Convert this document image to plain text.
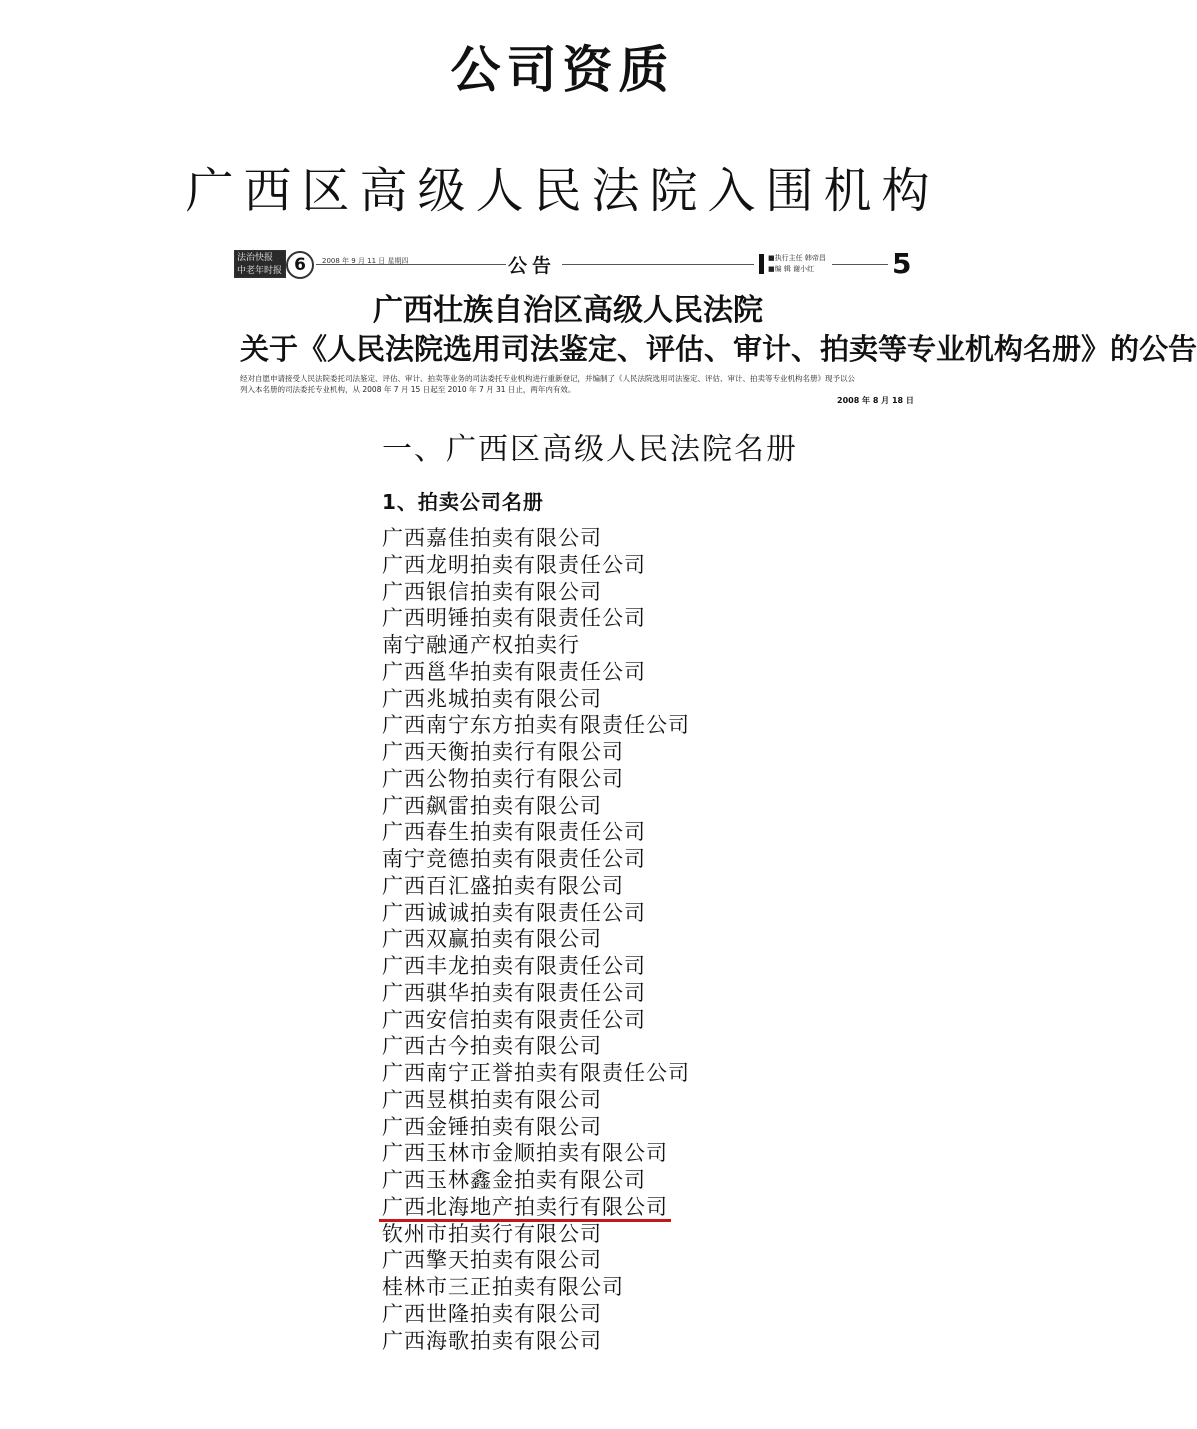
公司资质
广西区高级人民法院入围机构
法治快报
中老年时报 6	2008 年 9 月 11 日 星期四	公告	■执行主任 韩帝昌
■编 辑 谢小红	5
广西壮族自治区高级人民法院
关于《人民法院选用司法鉴定、评估、审计、拍卖等专业机构名册》的公告
经对自愿申请接受人民法院委托司法鉴定、评估、审计、拍卖等业务的司法委托专业机构进行重新登记，并编制了《人民法院选用司法鉴定、评估、审计、拍卖等专业机构名册》现予以公
列入本名册的司法委托专业机构，从 2008 年 7 月 15 日起至 2010 年 7 月 31 日止，两年内有效。
2008 年 8 月 18 日
一、广西区高级人民法院名册
1、拍卖公司名册
广西嘉佳拍卖有限公司
广西龙明拍卖有限责任公司
广西银信拍卖有限公司
广西明锤拍卖有限责任公司
南宁融通产权拍卖行
广西邕华拍卖有限责任公司
广西兆城拍卖有限公司
广西南宁东方拍卖有限责任公司
广西天衡拍卖行有限公司
广西公物拍卖行有限公司
广西飙雷拍卖有限公司
广西春生拍卖有限责任公司
南宁竞德拍卖有限责任公司
广西百汇盛拍卖有限公司
广西诚诚拍卖有限责任公司
广西双赢拍卖有限公司
广西丰龙拍卖有限责任公司
广西骐华拍卖有限责任公司
广西安信拍卖有限责任公司
广西古今拍卖有限公司
广西南宁正誉拍卖有限责任公司
广西昱棋拍卖有限公司
广西金锤拍卖有限公司
广西玉林市金顺拍卖有限公司
广西玉林鑫金拍卖有限公司
广西北海地产拍卖行有限公司
钦州市拍卖行有限公司
广西擎天拍卖有限公司
桂林市三正拍卖有限公司
广西世隆拍卖有限公司
广西海歌拍卖有限公司
